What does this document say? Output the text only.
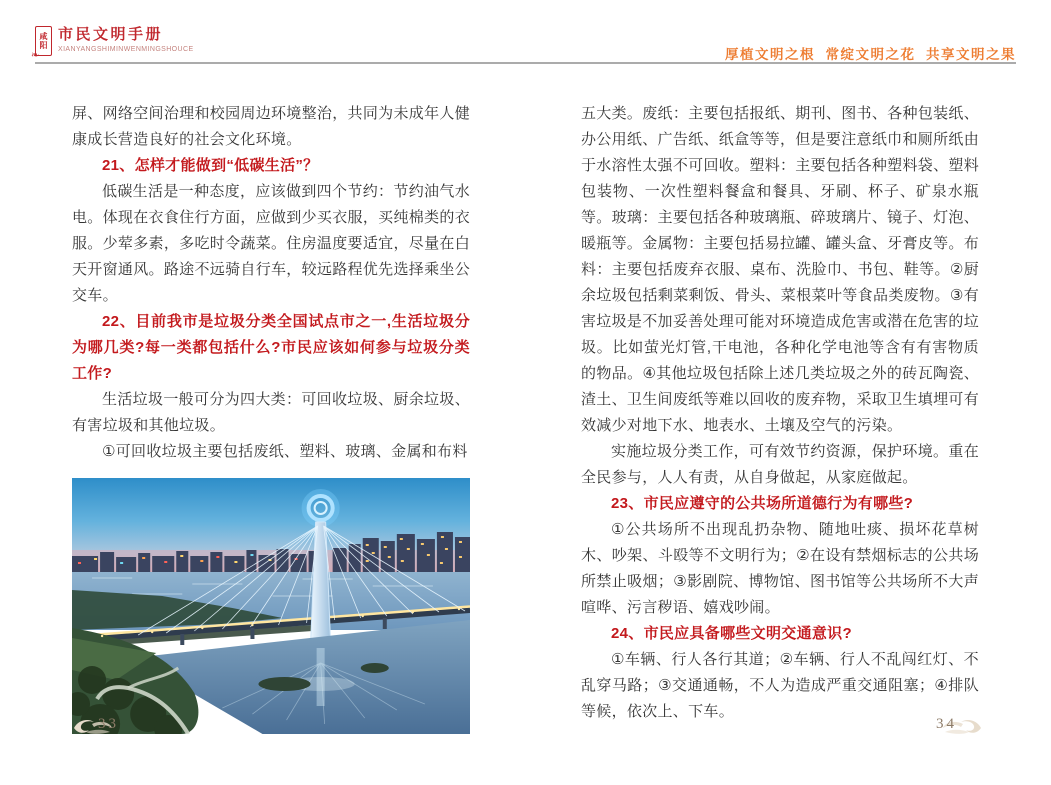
咸
阳
❧
市民文明手册
XIANYANGSHIMINWENMINGSHOUCE	厚植文明之根  常绽文明之花  共享文明之果

屏、网络空间治理和校园周边环境整治，共同为未成年人健康成长营造良好的社会文化环境。

21、怎样才能做到“低碳生活”？

低碳生活是一种态度，应该做到四个节约：节约油气水电。体现在衣食住行方面，应做到少买衣服，买纯棉类的衣服。少荤多素，多吃时令蔬菜。住房温度要适宜，尽量在白天开窗通风。路途不远骑自行车，较远路程优先选择乘坐公交车。

22、目前我市是垃圾分类全国试点市之一,生活垃圾分为哪几类?每一类都包括什么?市民应该如何参与垃圾分类工作?

生活垃圾一般可分为四大类：可回收垃圾、厨余垃圾、有害垃圾和其他垃圾。

①可回收垃圾主要包括废纸、塑料、玻璃、金属和布料

五大类。废纸：主要包括报纸、期刊、图书、各种包装纸、办公用纸、广告纸、纸盒等等，但是要注意纸巾和厕所纸由于水溶性太强不可回收。塑料：主要包括各种塑料袋、塑料包装物、一次性塑料餐盒和餐具、牙刷、杯子、矿泉水瓶等。玻璃：主要包括各种玻璃瓶、碎玻璃片、镜子、灯泡、暖瓶等。金属物：主要包括易拉罐、罐头盒、牙膏皮等。布料：主要包括废弃衣服、桌布、洗脸巾、书包、鞋等。②厨余垃圾包括剩菜剩饭、骨头、菜根菜叶等食品类废物。③有害垃圾是不加妥善处理可能对环境造成危害或潜在危害的垃圾。比如萤光灯管,干电池，各种化学电池等含有有害物质的物品。④其他垃圾包括除上述几类垃圾之外的砖瓦陶瓷、渣土、卫生间废纸等难以回收的废弃物，采取卫生填埋可有效减少对地下水、地表水、土壤及空气的污染。

实施垃圾分类工作，可有效节约资源，保护环境。重在全民参与，人人有责，从自身做起，从家庭做起。

23、市民应遵守的公共场所道德行为有哪些?

①公共场所不出现乱扔杂物、随地吐痰、损坏花草树木、吵架、斗殴等不文明行为；②在设有禁烟标志的公共场所禁止吸烟；③影剧院、博物馆、图书馆等公共场所不大声喧哗、污言秽语、嬉戏吵闹。

24、市民应具备哪些文明交通意识?

①车辆、行人各行其道；②车辆、行人不乱闯红灯、不乱穿马路；③交通通畅，不人为造成严重交通阻塞；④排队等候，依次上、下车。

33	34
